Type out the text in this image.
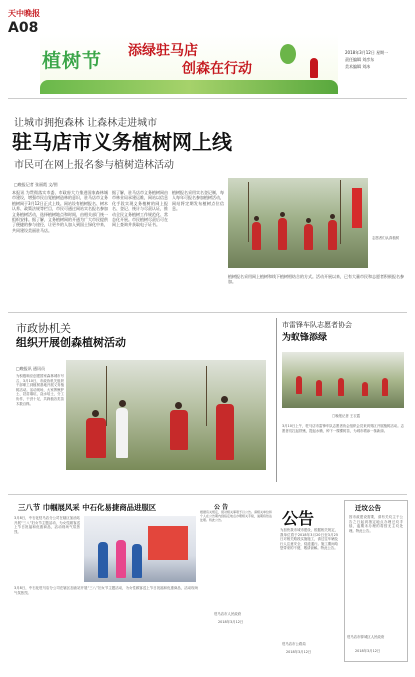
天中晚报
A08
植树节 添绿驻马店
创森在行动
2018年3月12日 星期一
责任编辑 刘彦东
美术编辑 刘冰
让城市拥抱森林 让森林走进城市
驻马店市义务植树网上线
市民可在网上报名参与植树造林活动
□晚报记者 张丽霞 文/图
本报讯 为贯彻落实市委、市政府大力推进国家森林城市建设，增强市民自觉植树造林的意识，驻马店市义务植树网于3月12日正式上线。网站设有植树报名、树木认养、政策法规等栏目，市民可通过网站实名报名参加义务植树活动，选择植树地点和时间，由相关部门统一组织安排。据了解，义务植树网的开通为广大市民提供了便捷的参与途径，让更多的人加入到国土绿化中来，共同建设美丽驻马店。
据了解，驻马店市义务植树网由市林业局承建运维，网站以信息化手段实现义务植树的网上报名、登记、统计与尽责认证，推动全民义务植树工作规范化、常态化开展。市民植树尽责后可在网上查询并获取电子证书。
植树报名采用实名登记制，每人每年可报名参加植树活动，网站将定期发布植树点位信息。
志愿者们认真植树
植树报名采用网上植树和线下植树相结合的方式。活动开展以来，已有大量市民和志愿者积极报名参加。
市政协机关
组织开展创森植树活动
□晚报讯 通讯员
为积极响应创建国家森林城市号召，3月10日，市政协机关组织干部职工到植树基地开展义务植树活动。活动现场，大家挥锹铲土、扶苗填坑、浇水培土，分工协作，干劲十足，共栽植各类苗木数百株。
市雷锋车队志愿者协会
为蚁锋添绿
□晚报记者 王衣霞
3月10日上午，驻马店市雷锋车队志愿者协会组织会员来到郊区开展植树活动。志愿者们扛起铁锹，提起水桶，种下一棵棵树苗，为城市增添一抹新绿。
三八节 巾帼展风采 中石化易捷商品进服区
3月8日，中石化驻马店分公司在辖区加油站开展“三八”妇女节主题活动，为女性顾客送上节日祝福和优惠商品，活动现场气氛热烈。
3月8日，中石化驻马店分公司在辖区加油站开展“三八”妇女节主题活动，为女性顾客送上节日祝福和优惠商品，活动现场气氛热烈。
公 告
根据有关规定，现对相关事项予以公告。请相关单位和个人在公告期内到指定地点办理相关手续，逾期将依法处理。特此公告。
驻马店市人民政府
2018年3月12日
公告
为加快我市城市建设，根据相关规定，我单位将于2018年3月20日至3月25日对相关路段实施施工，请过往车辆及行人注意安全，绕道通行。施工期间给您带来的不便，敬请谅解。特此公告。
驻马店市公路局
2018年3月12日
迁坟公告
因市政建设需要，请有关坟主于公告之日起到指定地点办理迁坟手续，逾期未办理的将按无主坟处理。特此公告。
驻马店市驿城区人民政府
2018年3月12日
